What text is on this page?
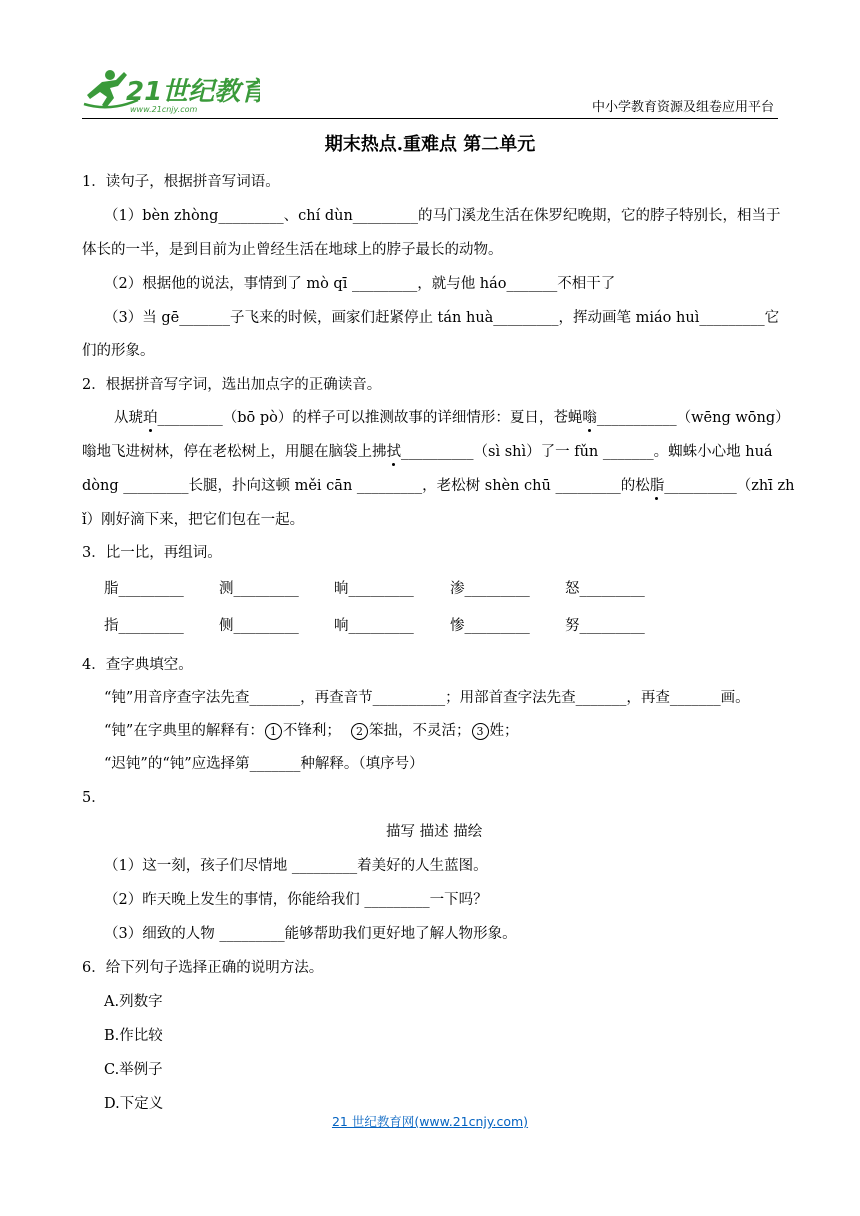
21世纪教育
www.21cnjy.com	中小学教育资源及组卷应用平台
期末热点.重难点 第二单元
1．读句子，根据拼音写词语。
（1）bèn zhòng_________、chí dùn_________的马门溪龙生活在侏罗纪晚期，它的脖子特别长，相当于
体长的一半，是到目前为止曾经生活在地球上的脖子最长的动物。
（2）根据他的说法，事情到了 mò qī _________，就与他 háo_______不相干了
（3）当 gē_______子飞来的时候，画家们赶紧停止 tán huà_________，挥动画笔 miáo huì_________它
们的形象。
2．根据拼音写字词，选出加点字的正确读音。
从琥珀_________（bō pò）的样子可以推测故事的详细情形：夏日，苍蝇嗡___________（wēng wōng）
嗡地飞进树林，停在老松树上，用腿在脑袋上拂拭__________（sì shì）了一 fǔn _______。蜘蛛小心地 huá
dòng _________长腿，扑向这顿 měi cān _________，老松树 shèn chū _________的松脂__________（zhī zh
ǐ）刚好滴下来，把它们包在一起。
3．比一比，再组词。
脂_________ 测_________ 晌_________	渗_________ 怒_________
指_________ 侧_________ 响_________	惨_________ 努_________
4．查字典填空。
“钝”用音序查字法先查_______，再查音节__________；用部首查字法先查_______，再查_______画。
“钝”在字典里的解释有： 1 不锋利； 2 笨拙，不灵活； 3 姓；
“迟钝”的“钝”应选择第_______种解释。（填序号）
5．
描写 描述 描绘
（1）这一刻，孩子们尽情地 _________着美好的人生蓝图。
（2）昨天晚上发生的事情，你能给我们 _________一下吗？
（3）细致的人物 _________能够帮助我们更好地了解人物形象。
6．给下列句子选择正确的说明方法。
A.列数字
B.作比较
C.举例子
D.下定义
21 世纪教育网(www.21cnjy.com)
